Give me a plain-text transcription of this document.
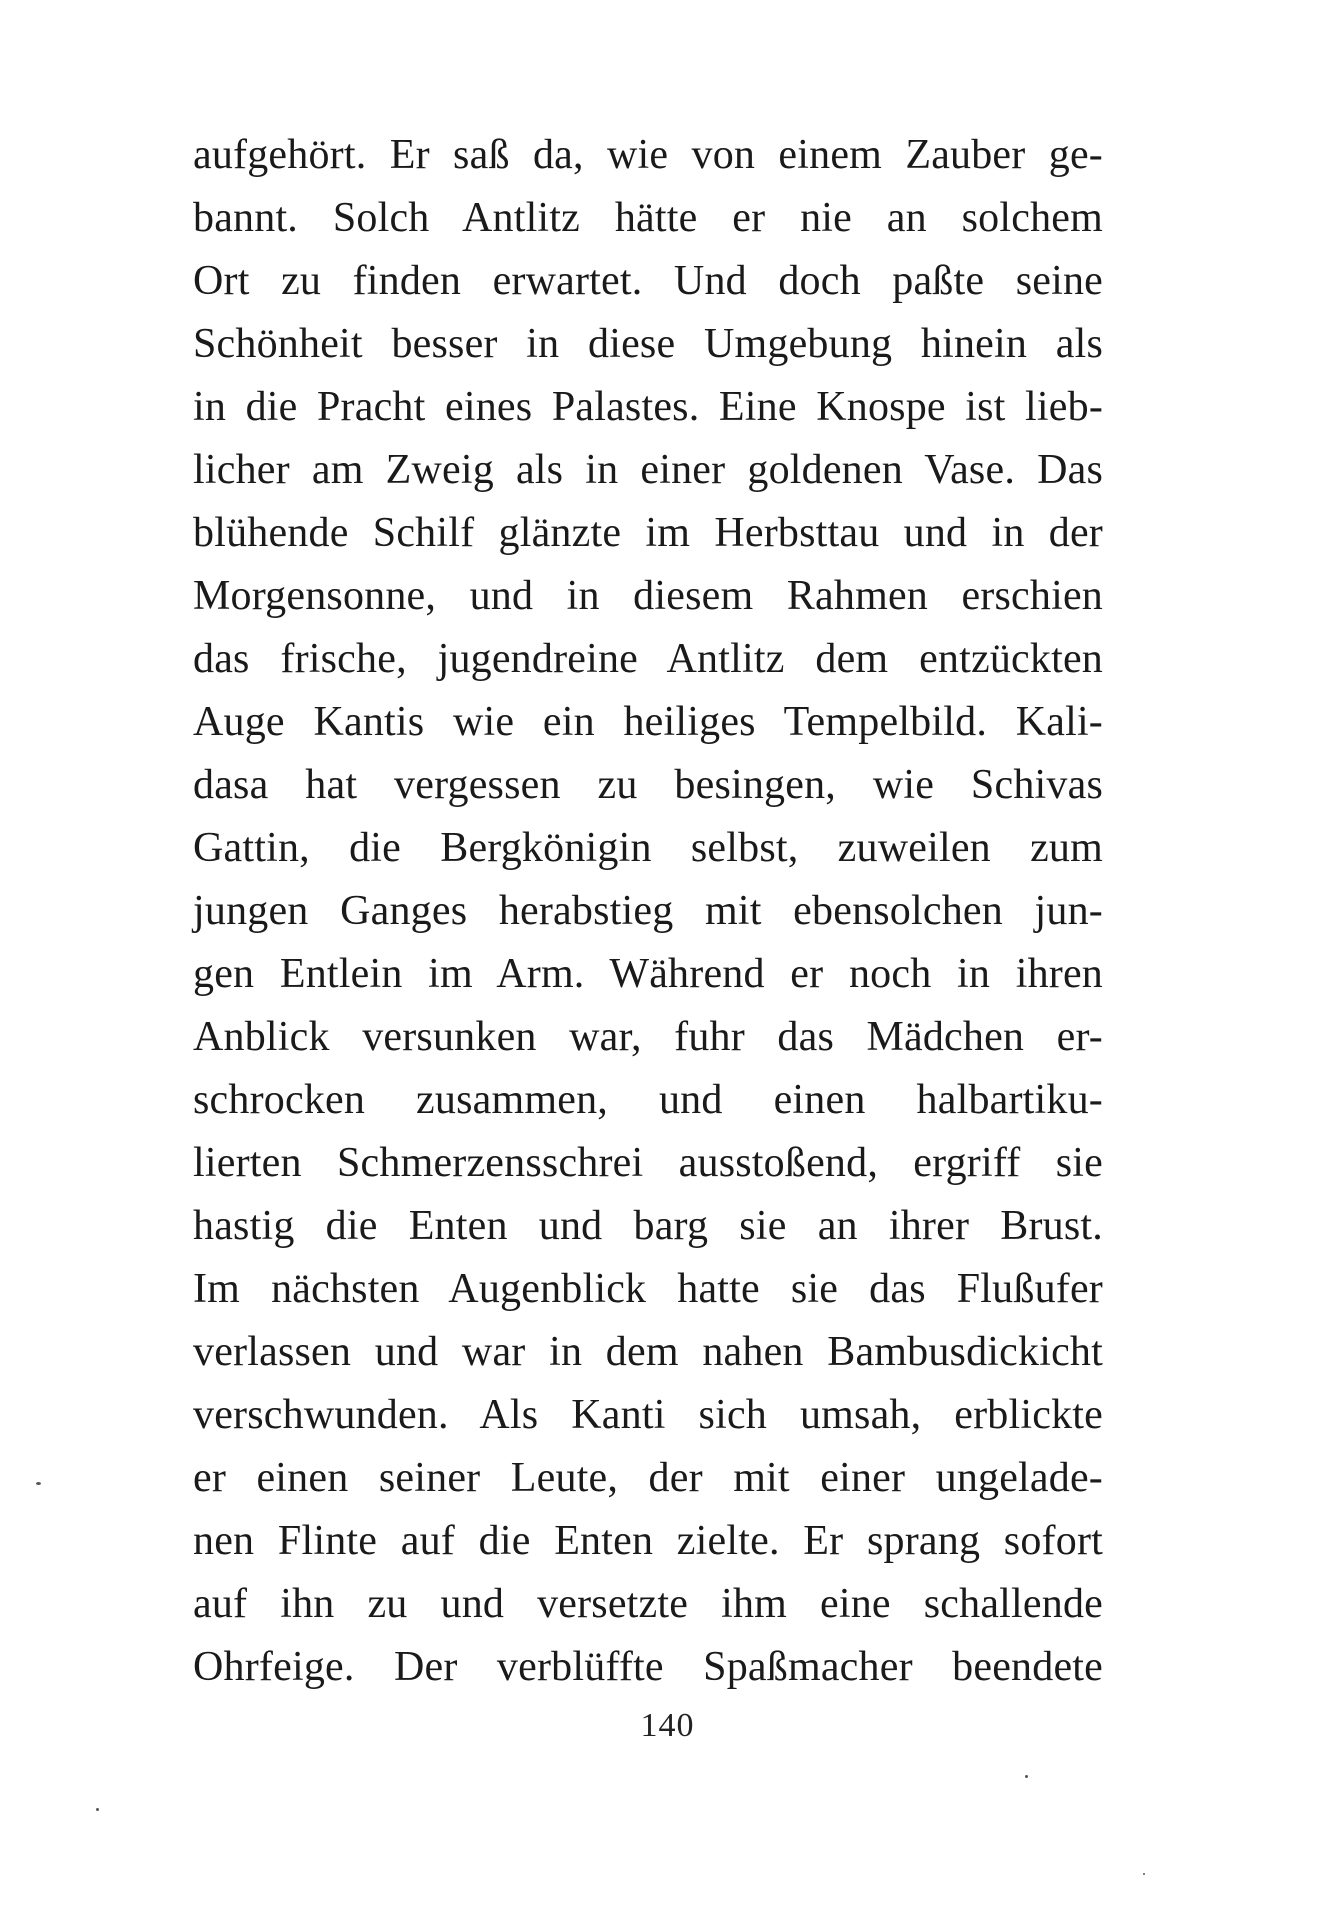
aufgehört. Er saß da, wie von einem Zauber ge-
bannt. Solch Antlitz hätte er nie an solchem
Ort zu finden erwartet. Und doch paßte seine
Schönheit besser in diese Umgebung hinein als
in die Pracht eines Palastes. Eine Knospe ist lieb-
licher am Zweig als in einer goldenen Vase. Das
blühende Schilf glänzte im Herbsttau und in der
Morgensonne, und in diesem Rahmen erschien
das frische, jugendreine Antlitz dem entzückten
Auge Kantis wie ein heiliges Tempelbild. Kali-
dasa hat vergessen zu besingen, wie Schivas
Gattin, die Bergkönigin selbst, zuweilen zum
jungen Ganges herabstieg mit ebensolchen jun-
gen Entlein im Arm. Während er noch in ihren
Anblick versunken war, fuhr das Mädchen er-
schrocken zusammen, und einen halbartiku-
lierten Schmerzensschrei ausstoßend, ergriff sie
hastig die Enten und barg sie an ihrer Brust.
Im nächsten Augenblick hatte sie das Flußufer
verlassen und war in dem nahen Bambusdickicht
verschwunden. Als Kanti sich umsah, erblickte
er einen seiner Leute, der mit einer ungelade-
nen Flinte auf die Enten zielte. Er sprang sofort
auf ihn zu und versetzte ihm eine schallende
Ohrfeige. Der verblüffte Spaßmacher beendete
140
